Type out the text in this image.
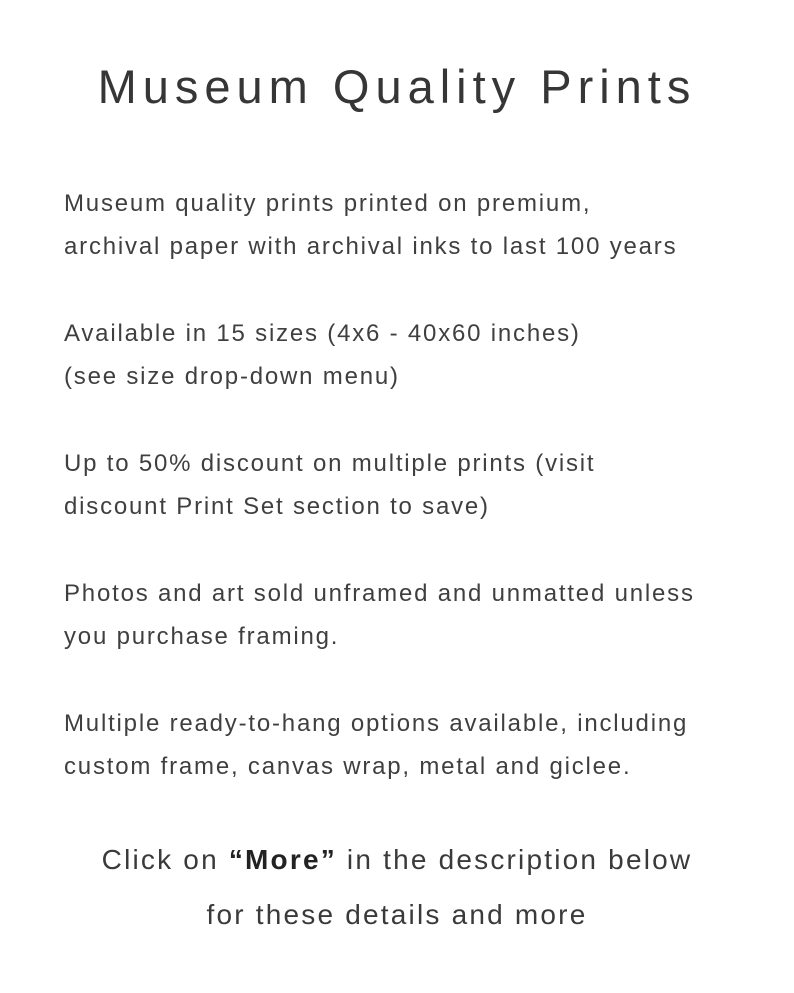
Museum Quality Prints

Museum quality prints printed on premium,
archival paper with archival inks to last 100 years

Available in 15 sizes (4x6 - 40x60 inches)
(see size drop-down menu)

Up to 50% discount on multiple prints (visit
discount Print Set section to save)

Photos and art sold unframed and unmatted unless
you purchase framing.

Multiple ready-to-hang options available, including
custom frame, canvas wrap, metal and giclee.

Click on “More” in the description below
for these details and more
